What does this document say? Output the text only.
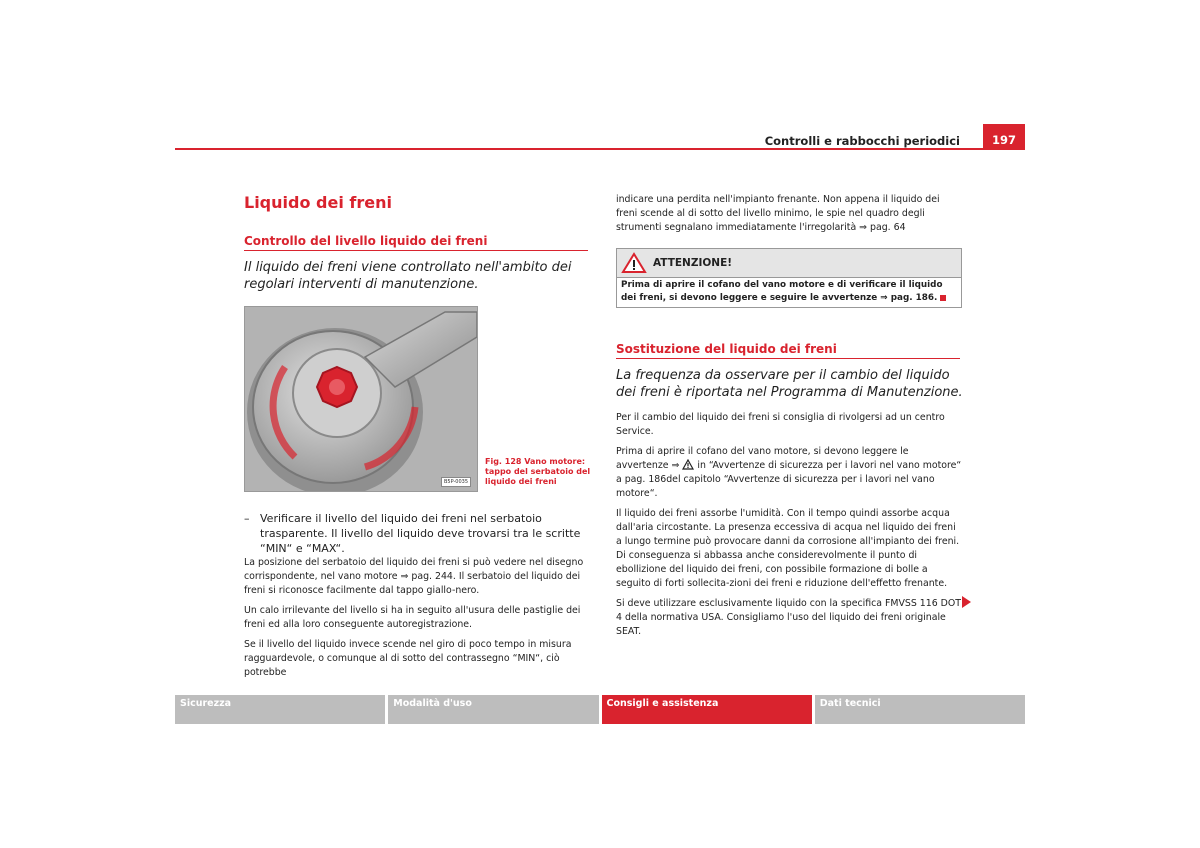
Controlli e rabbocchi periodici	197
Liquido dei freni
Controllo del livello liquido dei freni
Il liquido dei freni viene controllato nell'ambito dei regolari interventi di manutenzione.
B5P-0035
Fig. 128 Vano motore: tappo del serbatoio del liquido dei freni
– Verificare il livello del liquido dei freni nel serbatoio trasparente. Il livello del liquido deve trovarsi tra le scritte “MIN“ e “MAX“.

La posizione del serbatoio del liquido dei freni si può vedere nel disegno corrispondente, nel vano motore ⇒ pag. 244. Il serbatoio del liquido dei freni si riconosce facilmente dal tappo giallo-nero.

Un calo irrilevante del livello si ha in seguito all'usura delle pastiglie dei freni ed alla loro conseguente autoregistrazione.

Se il livello del liquido invece scende nel giro di poco tempo in misura ragguardevole, o comunque al di sotto del contrassegno “MIN“, ciò potrebbe

indicare una perdita nell'impianto frenante. Non appena il liquido dei freni scende al di sotto del livello minimo, le spie nel quadro degli strumenti segnalano immediatamente l'irregolarità ⇒ pag. 64
ATTENZIONE!
Prima di aprire il cofano del vano motore e di verificare il liquido dei freni, si devono leggere e seguire le avvertenze ⇒ pag. 186.
Sostituzione del liquido dei freni
La frequenza da osservare per il cambio del liquido dei freni è riportata nel Programma di Manutenzione.

Per il cambio del liquido dei freni si consiglia di rivolgersi ad un centro Service.

Prima di aprire il cofano del vano motore, si devono leggere le avvertenze ⇒ in “Avvertenze di sicurezza per i lavori nel vano motore“ a pag. 186del capitolo “Avvertenze di sicurezza per i lavori nel vano motore“.

Il liquido dei freni assorbe l'umidità. Con il tempo quindi assorbe acqua dall'aria circostante. La presenza eccessiva di acqua nel liquido dei freni a lungo termine può provocare danni da corrosione all'impianto dei freni. Di conseguenza si abbassa anche considerevolmente il punto di ebollizione del liquido dei freni, con possibile formazione di bolle a seguito di forti sollecita-zioni dei freni e riduzione dell'effetto frenante.

Si deve utilizzare esclusivamente liquido con la specifica FMVSS 116 DOT 4 della normativa USA. Consigliamo l'uso del liquido dei freni originale SEAT.

Sicurezza	Modalità d'uso	Consigli e assistenza	Dati tecnici
